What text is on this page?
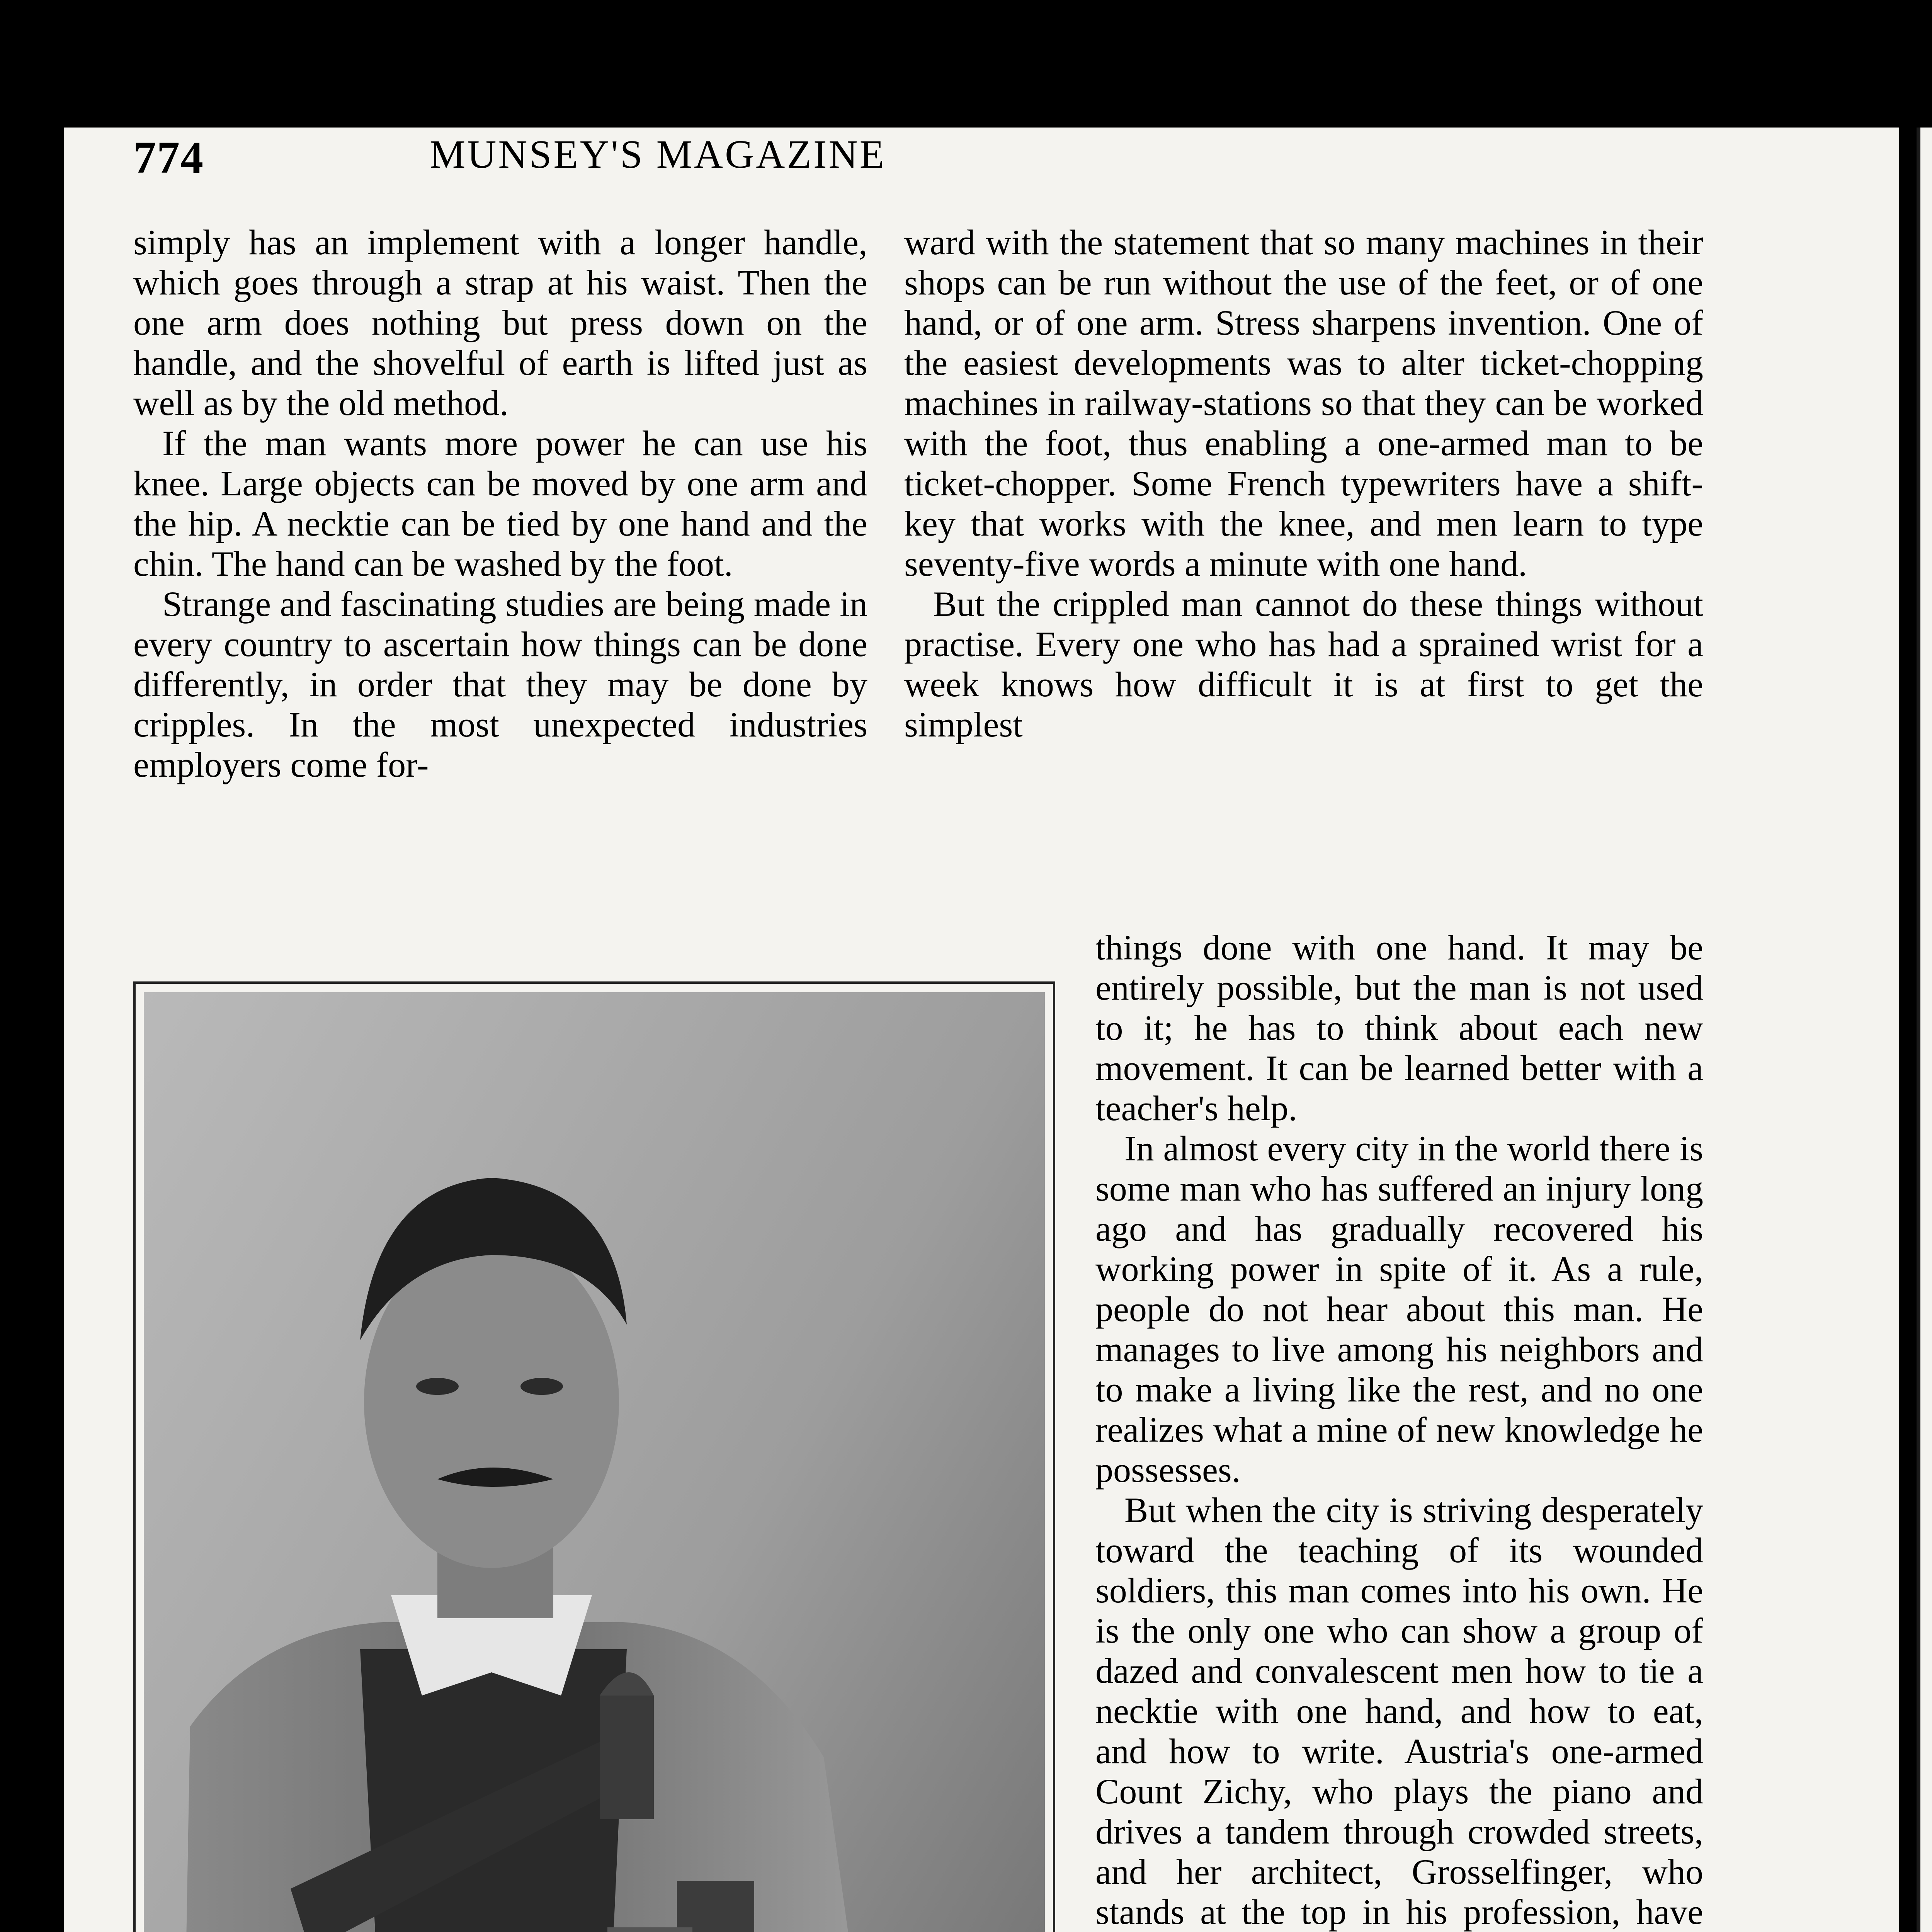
774	MUNSEY'S MAGAZINE

simply has an implement with a longer handle, which goes through a strap at his waist. Then the one arm does nothing but press down on the handle, and the shovelful of earth is lifted just as well as by the old method.

If the man wants more power he can use his knee. Large objects can be moved by one arm and the hip. A necktie can be tied by one hand and the chin. The hand can be washed by the foot.

Strange and fascinating studies are being made in every country to ascertain how things can be done differently, in order that they may be done by cripples. In the most unexpected industries employers come for-

ward with the statement that so many machines in their shops can be run without the use of the feet, or of one hand, or of one arm. Stress sharpens invention. One of the easiest developments was to alter ticket-chopping machines in railway-stations so that they can be worked with the foot, thus enabling a one-armed man to be ticket-chopper. Some French typewriters have a shift-key that works with the knee, and men learn to type seventy-five words a minute with one hand.

But the crippled man cannot do these things without practise. Every one who has had a sprained wrist for a week knows how difficult it is at first to get the simplest

things done with one hand. It may be entirely possible, but the man is not used to it; he has to think about each new movement. It can be learned better with a teacher's help.

In almost every city in the world there is some man who has suffered an injury long ago and has gradually recovered his working power in spite of it. As a rule, people do not hear about this man. He manages to live among his neighbors and to make a living like the rest, and no one realizes what a mine of new knowledge he possesses.

But when the city is striving desperately toward the teaching of its wounded soldiers, this man comes into his own. He is the only one who can show a group of dazed and convalescent men how to tie a necktie with one hand, and how to eat, and how to write. Austria's one-armed Count Zichy, who plays the piano and drives a tandem through crowded streets, and her architect, Grosselfinger, who stands at the top in his profession, have
